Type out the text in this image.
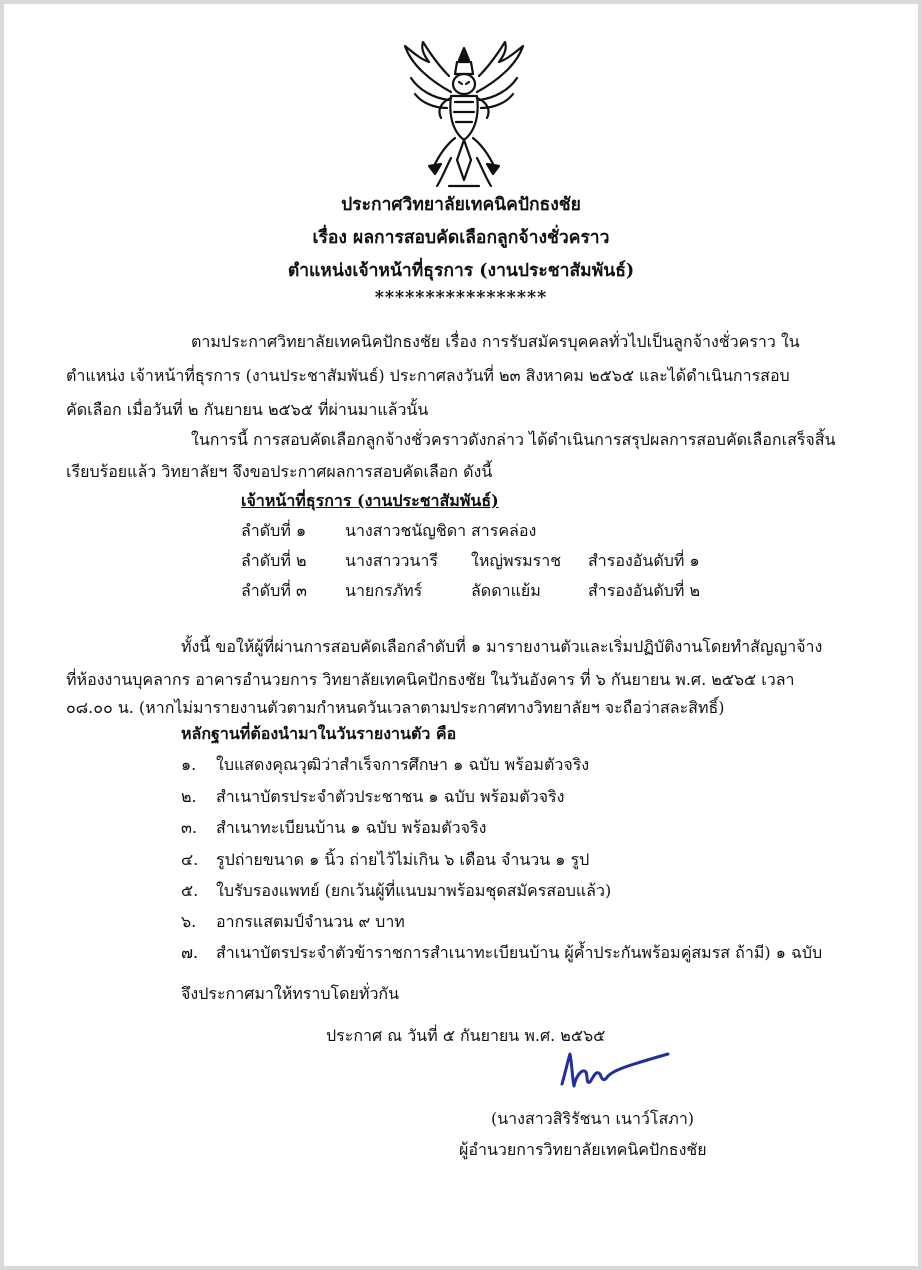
ประกาศวิทยาลัยเทคนิคปักธงชัย
เรื่อง ผลการสอบคัดเลือกลูกจ้างชั่วคราว
ตำแหน่งเจ้าหน้าที่ธุรการ (งานประชาสัมพันธ์)
*****************
ตามประกาศวิทยาลัยเทคนิคปักธงชัย เรื่อง การรับสมัครบุคคลทั่วไปเป็นลูกจ้างชั่วคราว ใน
ตำแหน่ง เจ้าหน้าที่ธุรการ (งานประชาสัมพันธ์) ประกาศลงวันที่ ๒๓ สิงหาคม ๒๕๖๕ และได้ดำเนินการสอบ
คัดเลือก เมื่อวันที่ ๒ กันยายน ๒๕๖๕ ที่ผ่านมาแล้วนั้น
ในการนี้ การสอบคัดเลือกลูกจ้างชั่วคราวดังกล่าว ได้ดำเนินการสรุปผลการสอบคัดเลือกเสร็จสิ้น
เรียบร้อยแล้ว วิทยาลัยฯ จึงขอประกาศผลการสอบคัดเลือก ดังนี้
เจ้าหน้าที่ธุรการ (งานประชาสัมพันธ์)
ลำดับที่ ๑ นางสาวชนัญชิดา สารคล่อง
ลำดับที่ ๒ นางสาววนารี ใหญ่พรมราช สำรองอันดับที่ ๑
ลำดับที่ ๓ นายกรภัทร์	ลัดดาแย้ม	สำรองอันดับที่ ๒
ทั้งนี้ ขอให้ผู้ที่ผ่านการสอบคัดเลือกลำดับที่ ๑ มารายงานตัวและเริ่มปฏิบัติงานโดยทำสัญญาจ้าง
ที่ห้องงานบุคลากร อาคารอำนวยการ วิทยาลัยเทคนิคปักธงชัย ในวันอังคาร ที่ ๖ กันยายน พ.ศ. ๒๕๖๕ เวลา
๐๘.๐๐ น. (หากไม่มารายงานตัวตามกำหนดวันเวลาตามประกาศทางวิทยาลัยฯ จะถือว่าสละสิทธิ์)
หลักฐานที่ต้องนำมาในวันรายงานตัว คือ
๑. ใบแสดงคุณวุฒิว่าสำเร็จการศึกษา ๑ ฉบับ พร้อมตัวจริง
๒. สำเนาบัตรประจำตัวประชาชน ๑ ฉบับ พร้อมตัวจริง
๓. สำเนาทะเบียนบ้าน ๑ ฉบับ พร้อมตัวจริง
๔. รูปถ่ายขนาด ๑ นิ้ว ถ่ายไว้ไม่เกิน ๖ เดือน จำนวน ๑ รูป
๕. ใบรับรองแพทย์ (ยกเว้นผู้ที่แนบมาพร้อมชุดสมัครสอบแล้ว)
๖. อากรแสตมป์จำนวน ๙ บาท
๗. สำเนาบัตรประจำตัวข้าราชการสำเนาทะเบียนบ้าน ผู้ค้ำประกันพร้อมคู่สมรส ถ้ามี) ๑ ฉบับ
จึงประกาศมาให้ทราบโดยทั่วกัน
ประกาศ ณ วันที่ ๕ กันยายน พ.ศ. ๒๕๖๕
(นางสาวสิริรัชนา เนาว์โสภา)
ผู้อำนวยการวิทยาลัยเทคนิคปักธงชัย
